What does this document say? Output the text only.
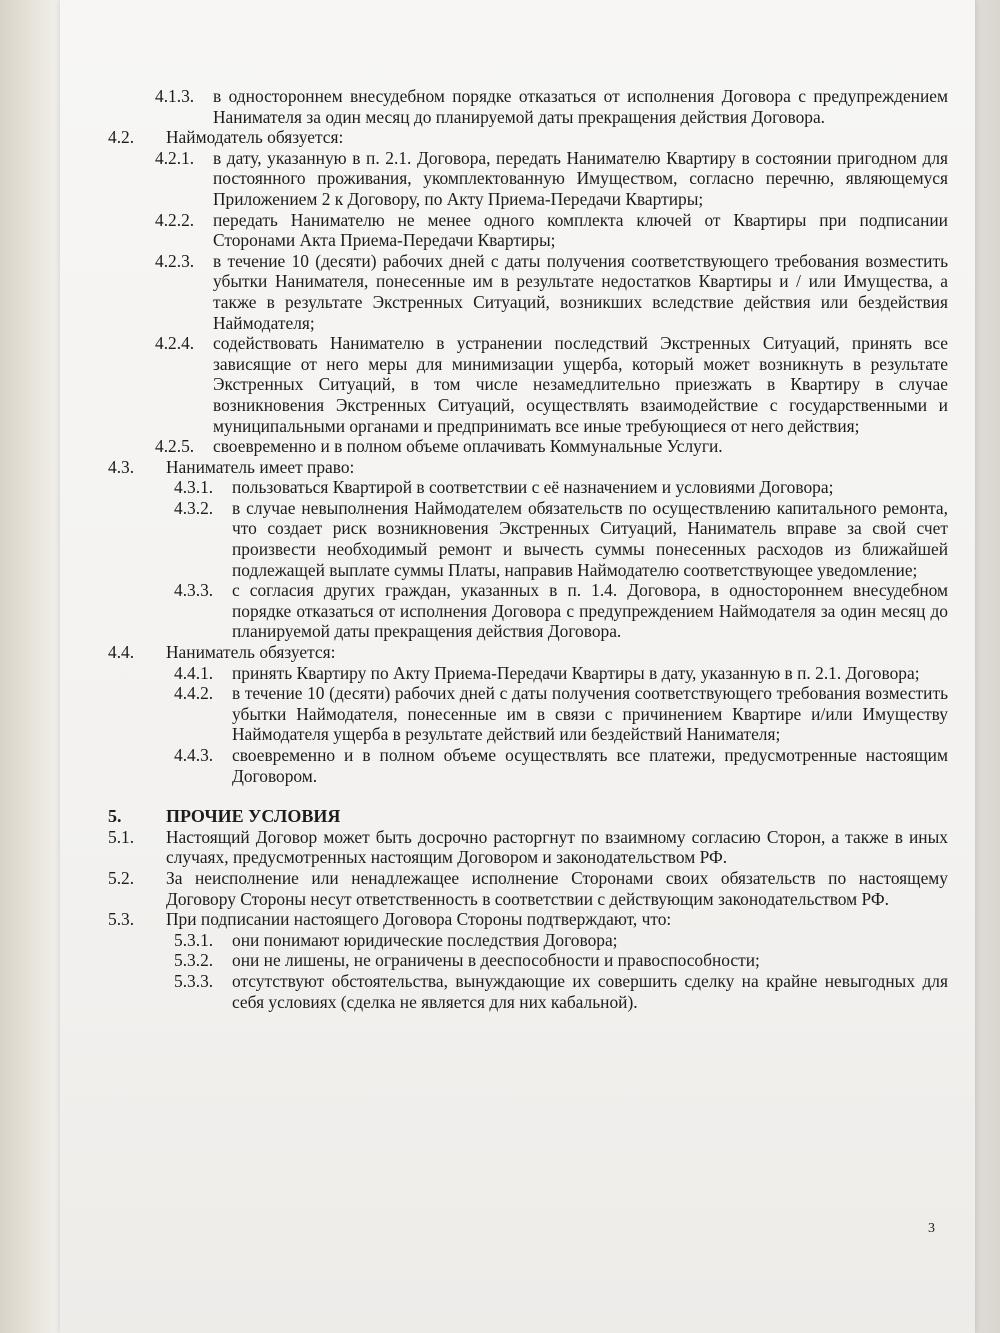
4.1.3.	в одностороннем внесудебном порядке отказаться от исполнения Договора с предупреждением Нанимателя за один месяц до планируемой даты прекращения действия Договора.
4.2.	Наймодатель обязуется:
4.2.1.	в дату, указанную в п. 2.1. Договора, передать Нанимателю Квартиру в состоянии пригодном для постоянного проживания, укомплектованную Имуществом, согласно перечню, являющемуся Приложением 2 к Договору, по Акту Приема-Передачи Квартиры;
4.2.2.	передать Нанимателю не менее одного комплекта ключей от Квартиры при подписании Сторонами Акта Приема-Передачи Квартиры;
4.2.3.	в течение 10 (десяти) рабочих дней с даты получения соответствующего требования возместить убытки Нанимателя, понесенные им в результате недостатков Квартиры и / или Имущества, а также в результате Экстренных Ситуаций, возникших вследствие действия или бездействия Наймодателя;
4.2.4.	содействовать Нанимателю в устранении последствий Экстренных Ситуаций, принять все зависящие от него меры для минимизации ущерба, который может возникнуть в результате Экстренных Ситуаций, в том числе незамедлительно приезжать в Квартиру в случае возникновения Экстренных Ситуаций, осуществлять взаимодействие с государственными и муниципальными органами и предпринимать все иные требующиеся от него действия;
4.2.5.	своевременно и в полном объеме оплачивать Коммунальные Услуги.
4.3.	Наниматель имеет право:
4.3.1.	пользоваться Квартирой в соответствии с её назначением и условиями Договора;
4.3.2.	в случае невыполнения Наймодателем обязательств по осуществлению капитального ремонта, что создает риск возникновения Экстренных Ситуаций, Наниматель вправе за свой счет произвести необходимый ремонт и вычесть суммы понесенных расходов из ближайшей подлежащей выплате суммы Платы, направив Наймодателю соответствующее уведомление;
4.3.3.	с согласия других граждан, указанных в п. 1.4. Договора, в одностороннем внесудебном порядке отказаться от исполнения Договора с предупреждением Наймодателя за один месяц до планируемой даты прекращения действия Договора.
4.4.	Наниматель обязуется:
4.4.1.	принять Квартиру по Акту Приема-Передачи Квартиры в дату, указанную в п. 2.1. Договора;
4.4.2.	в течение 10 (десяти) рабочих дней с даты получения соответствующего требования возместить убытки Наймодателя, понесенные им в связи с причинением Квартире и/или Имуществу Наймодателя ущерба в результате действий или бездействий Нанимателя;
4.4.3.	своевременно и в полном объеме осуществлять все платежи, предусмотренные настоящим Договором.
5.	ПРОЧИЕ УСЛОВИЯ
5.1.	Настоящий Договор может быть досрочно расторгнут по взаимному согласию Сторон, а также в иных случаях, предусмотренных настоящим Договором и законодательством РФ.
5.2.	За неисполнение или ненадлежащее исполнение Сторонами своих обязательств по настоящему Договору Стороны несут ответственность в соответствии с действующим законодательством РФ.
5.3.	При подписании настоящего Договора Стороны подтверждают, что:
5.3.1.	они понимают юридические последствия Договора;
5.3.2.	они не лишены, не ограничены в дееспособности и правоспособности;
5.3.3.	отсутствуют обстоятельства, вынуждающие их совершить сделку на крайне невыгодных для себя условиях (сделка не является для них кабальной).
3
